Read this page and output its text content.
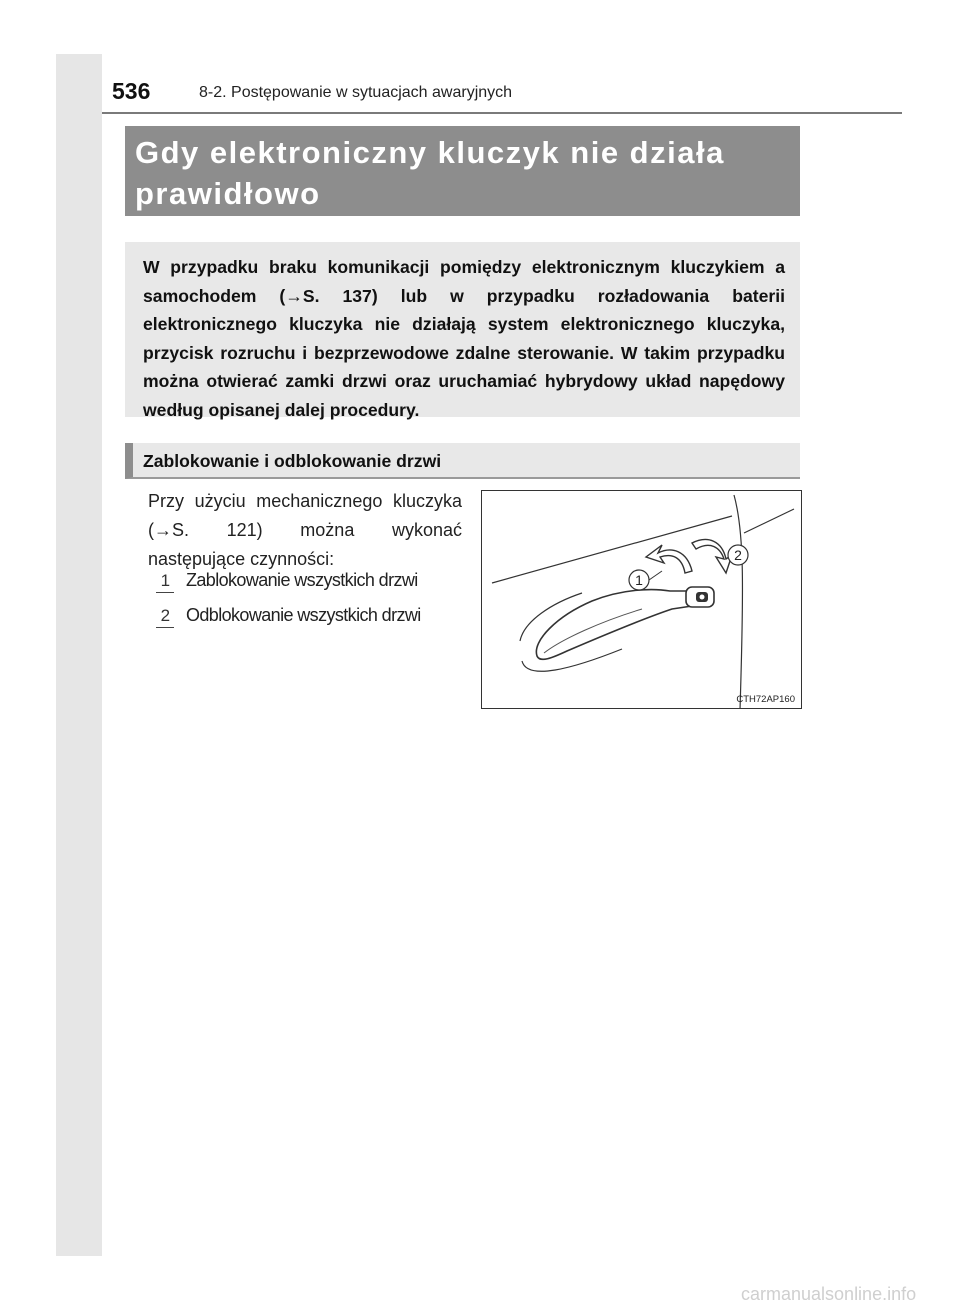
536	8-2. Postępowanie w sytuacjach awaryjnych
Gdy elektroniczny kluczyk nie działa
prawidłowo
W przypadku braku komunikacji pomiędzy elektronicznym kluczykiem a samochodem (→S. 137) lub w przypadku rozładowania baterii elektronicznego kluczyka nie działają system elektronicznego kluczyka, przycisk rozruchu i bezprzewodowe zdalne sterowanie. W takim przypadku można otwierać zamki drzwi oraz uruchamiać hybrydowy układ napędowy według opisanej dalej procedury.
Zablokowanie i odblokowanie drzwi
Przy użyciu mechanicznego kluczyka (→S. 121) można wykonać następujące czynności:
1 Zablokowanie wszystkich drzwi
2 Odblokowanie wszystkich drzwi
1
2
CTH72AP160
carmanualsonline.info
